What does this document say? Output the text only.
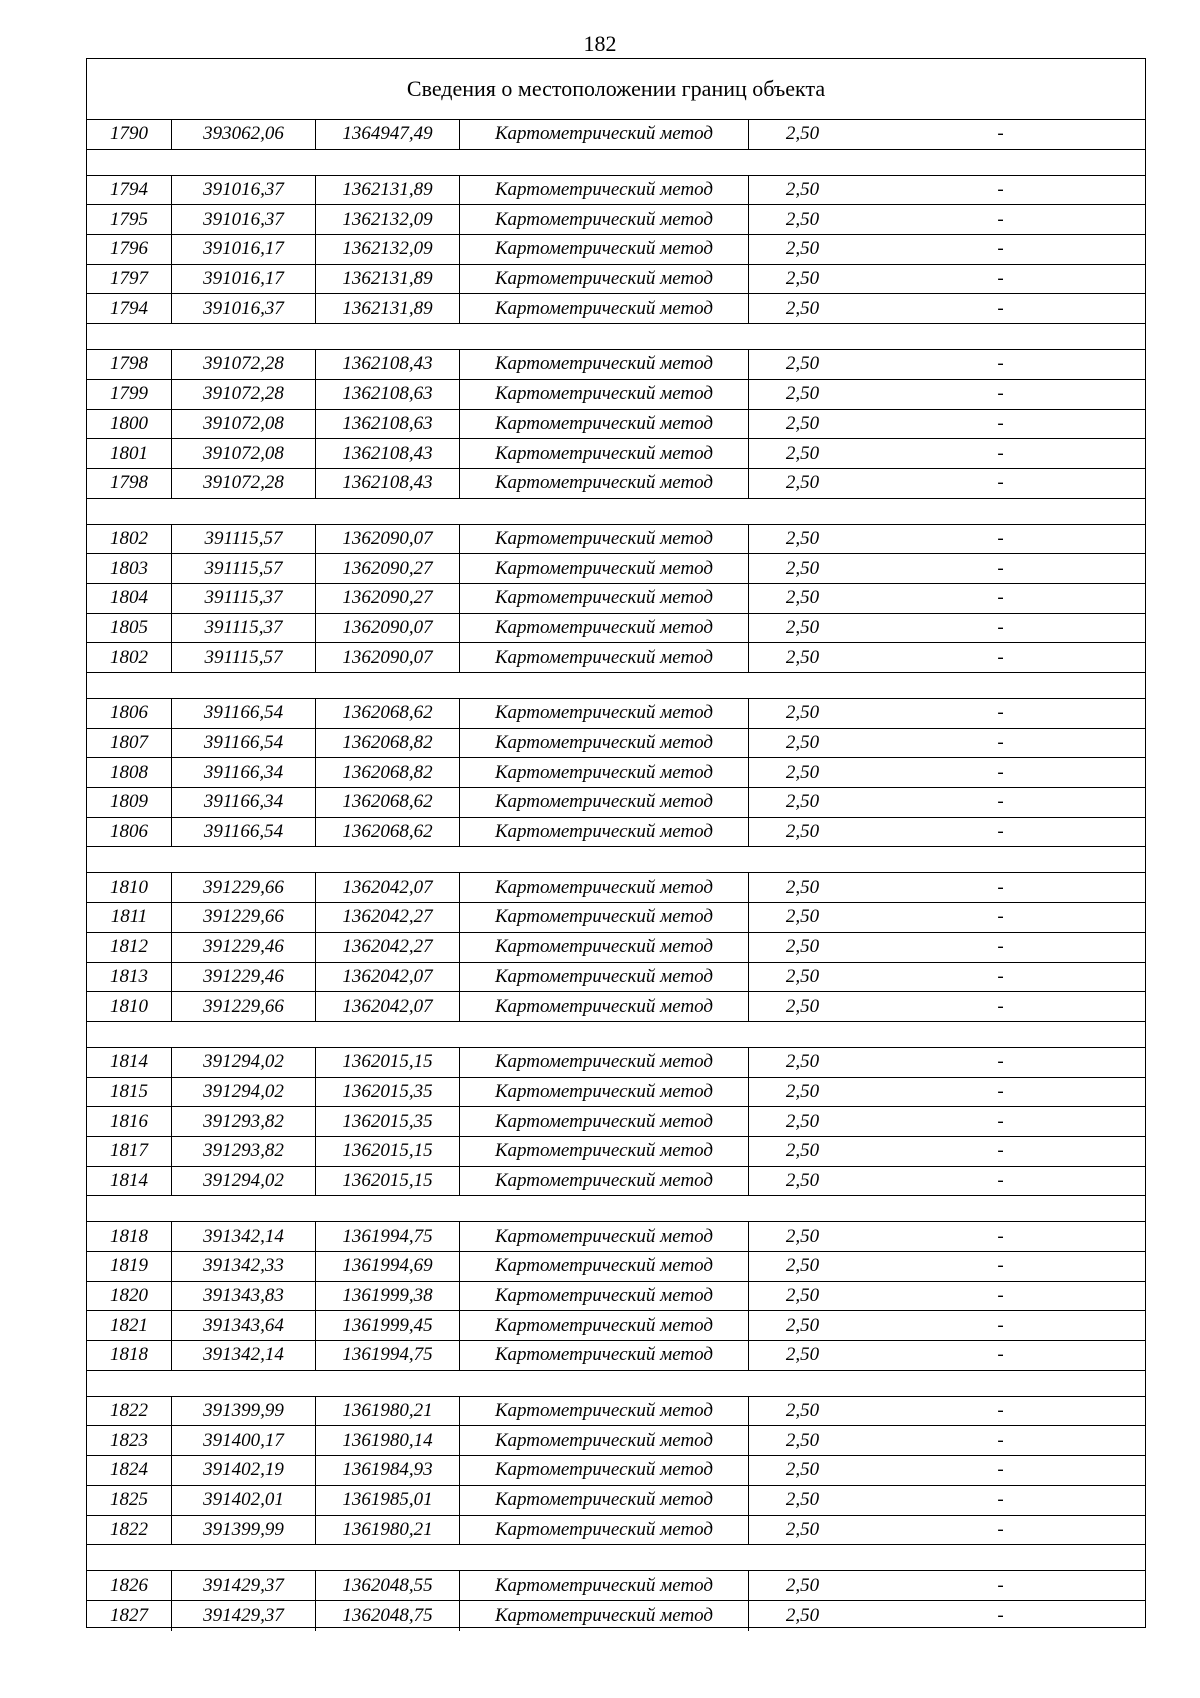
182
Сведения о местоположении границ объекта
1790	393062,06	1364947,49	Картометрический метод	2,50	-
1794	391016,37	1362131,89	Картометрический метод	2,50	-
1795	391016,37	1362132,09	Картометрический метод	2,50	-
1796	391016,17	1362132,09	Картометрический метод	2,50	-
1797	391016,17	1362131,89	Картометрический метод	2,50	-
1794	391016,37	1362131,89	Картометрический метод	2,50	-
1798	391072,28	1362108,43	Картометрический метод	2,50	-
1799	391072,28	1362108,63	Картометрический метод	2,50	-
1800	391072,08	1362108,63	Картометрический метод	2,50	-
1801	391072,08	1362108,43	Картометрический метод	2,50	-
1798	391072,28	1362108,43	Картометрический метод	2,50	-
1802	391115,57	1362090,07	Картометрический метод	2,50	-
1803	391115,57	1362090,27	Картометрический метод	2,50	-
1804	391115,37	1362090,27	Картометрический метод	2,50	-
1805	391115,37	1362090,07	Картометрический метод	2,50	-
1802	391115,57	1362090,07	Картометрический метод	2,50	-
1806	391166,54	1362068,62	Картометрический метод	2,50	-
1807	391166,54	1362068,82	Картометрический метод	2,50	-
1808	391166,34	1362068,82	Картометрический метод	2,50	-
1809	391166,34	1362068,62	Картометрический метод	2,50	-
1806	391166,54	1362068,62	Картометрический метод	2,50	-
1810	391229,66	1362042,07	Картометрический метод	2,50	-
1811	391229,66	1362042,27	Картометрический метод	2,50	-
1812	391229,46	1362042,27	Картометрический метод	2,50	-
1813	391229,46	1362042,07	Картометрический метод	2,50	-
1810	391229,66	1362042,07	Картометрический метод	2,50	-
1814	391294,02	1362015,15	Картометрический метод	2,50	-
1815	391294,02	1362015,35	Картометрический метод	2,50	-
1816	391293,82	1362015,35	Картометрический метод	2,50	-
1817	391293,82	1362015,15	Картометрический метод	2,50	-
1814	391294,02	1362015,15	Картометрический метод	2,50	-
1818	391342,14	1361994,75	Картометрический метод	2,50	-
1819	391342,33	1361994,69	Картометрический метод	2,50	-
1820	391343,83	1361999,38	Картометрический метод	2,50	-
1821	391343,64	1361999,45	Картометрический метод	2,50	-
1818	391342,14	1361994,75	Картометрический метод	2,50	-
1822	391399,99	1361980,21	Картометрический метод	2,50	-
1823	391400,17	1361980,14	Картометрический метод	2,50	-
1824	391402,19	1361984,93	Картометрический метод	2,50	-
1825	391402,01	1361985,01	Картометрический метод	2,50	-
1822	391399,99	1361980,21	Картометрический метод	2,50	-
1826	391429,37	1362048,55	Картометрический метод	2,50	-
1827	391429,37	1362048,75	Картометрический метод	2,50	-
